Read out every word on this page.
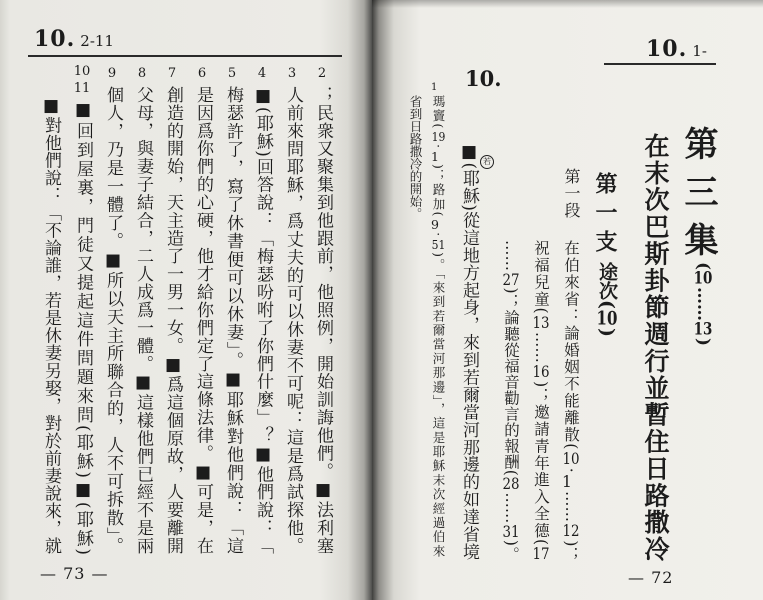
10. 2-11
2
3
4
5
6
7
8
9
10
11	；民衆又聚集到他跟前，他照例，開始訓誨他們。■法利塞
人前來問耶穌，爲丈夫的可以休妻不可呢：這是爲試探他。
■(耶穌)回答說：「梅瑟吩咐了你們什麼」？■他們說：「
梅瑟許了，寫了休書便可以休妻」。■耶穌對他們說：「這
是因爲你們的心硬，他才給你們定了這條法律。■可是，在
創造的開始，天主造了一男一女。■爲這個原故，人要離開
父母，與妻子結合，二人成爲一體。■這樣他們已經不是兩
個人，乃是一體了。■所以天主所聯合的，人不可拆散」。
■回到屋裏，門徒又提起這件問題來問(耶穌)■(耶穌)
■對他們說：「不論誰，若是休妻另娶，對於前妻說來，就
— 73 —
10. 1-
第三集
(10……13)
在末次巴斯卦節週行並暫住日路撒冷
第一支
途次(10)
第一段
在伯來省：論婚姻不能離散(10·1……12)；
祝福兒童(13……16)；邀請青年進入全德(17
……27)；論聽從福音勸言的報酬(28……31)。
10.
■(耶穌)從這地方起身，來到若爾當河那邊的如達省境 若
1
瑪竇(19·1)；路加(9·51)。「來到若爾當河那邊」，這是耶穌末次經過伯來
省到日路撒冷的開始。
— 72
